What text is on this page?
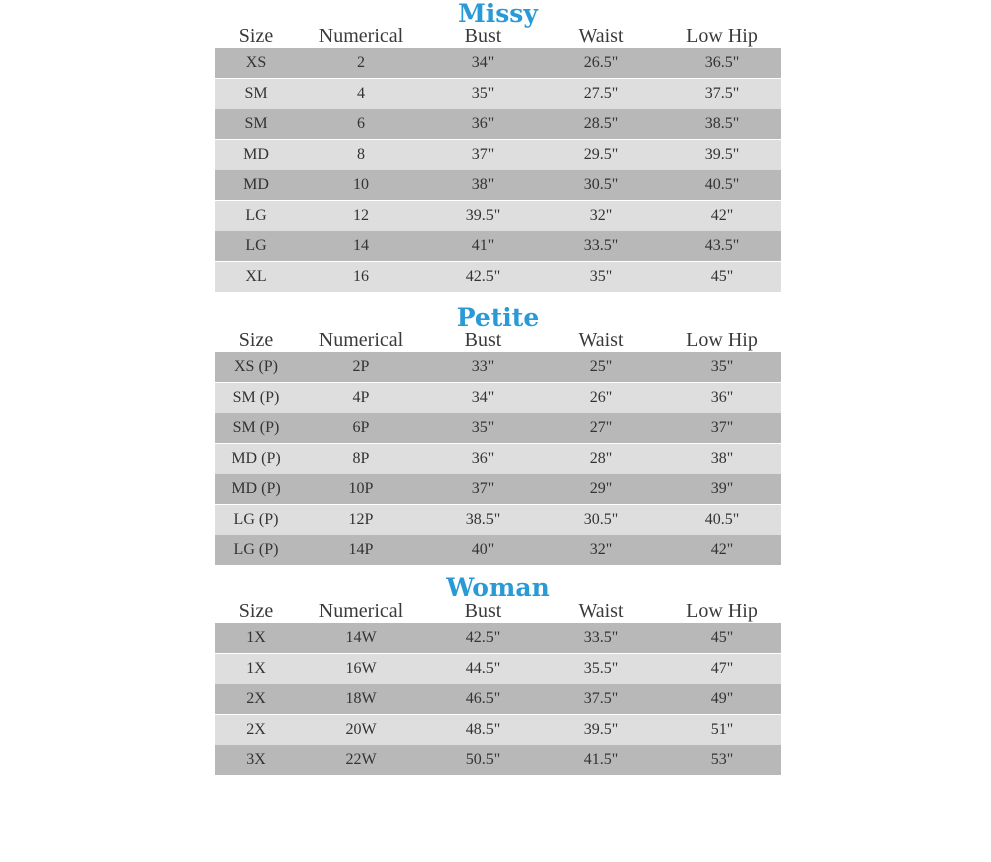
Missy
Size	Numerical	Bust	Waist	Low Hip
XS	2	34"	26.5"	36.5"
SM	4	35"	27.5"	37.5"
SM	6	36"	28.5"	38.5"
MD	8	37"	29.5"	39.5"
MD	10	38"	30.5"	40.5"
LG	12	39.5"	32"	42"
LG	14	41"	33.5"	43.5"
XL	16	42.5"	35"	45"
Petite
Size	Numerical	Bust	Waist	Low Hip
XS (P)	2P	33"	25"	35"
SM (P)	4P	34"	26"	36"
SM (P)	6P	35"	27"	37"
MD (P)	8P	36"	28"	38"
MD (P)	10P	37"	29"	39"
LG (P)	12P	38.5"	30.5"	40.5"
LG (P)	14P	40"	32"	42"
Woman
Size	Numerical	Bust	Waist	Low Hip
1X	14W	42.5"	33.5"	45"
1X	16W	44.5"	35.5"	47"
2X	18W	46.5"	37.5"	49"
2X	20W	48.5"	39.5"	51"
3X	22W	50.5"	41.5"	53"
